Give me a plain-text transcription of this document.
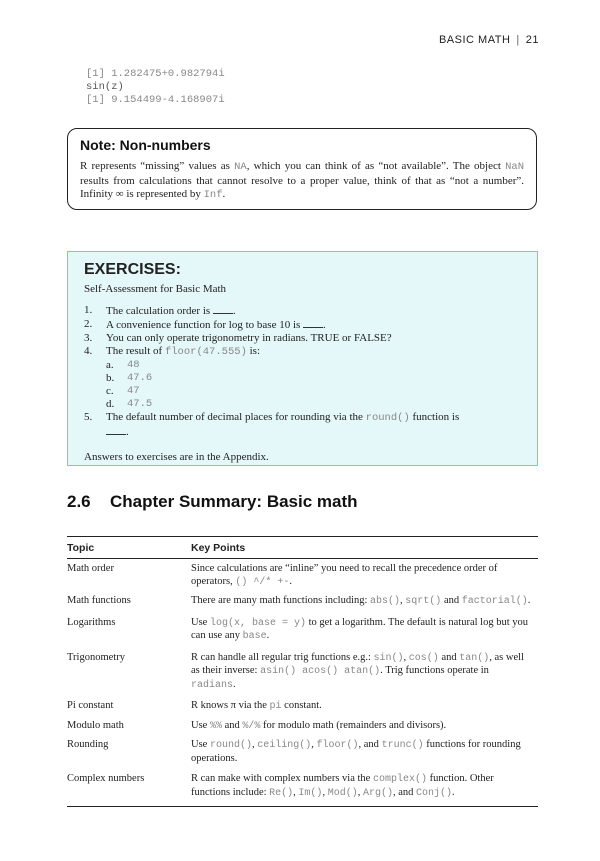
BASIC MATH | 21
[1] 1.282475+0.982794i
sin(z)
[1] 9.154499-4.168907i
Note: Non-numbers
R represents “missing” values as NA, which you can think of as “not available”. The object NaN results from calculations that cannot resolve to a proper value, think of that as “not a number”. Infinity ∞ is represented by Inf.
EXERCISES:
Self-Assessment for Basic Math
1.	The calculation order is .
2.	A convenience function for log to base 10 is .
3.	You can only operate trigonometry in radians. TRUE or FALSE?
4.	The result of floor(47.555) is:
a.	48
b.	47.6
c.	47
d.	47.5
5.	The default number of decimal places for rounding via the round() function is
.
Answers to exercises are in the Appendix.
2.6 Chapter Summary: Basic math
Topic	Key Points
Math order	Since calculations are “inline” you need to recall the precedence order of operators, () ^/* +-.
Math functions	There are many math functions including: abs(), sqrt() and factorial().
Logarithms	Use log(x, base = y) to get a logarithm. The default is natural log but you can use any base.
Trigonometry	R can handle all regular trig functions e.g.: sin(), cos() and tan(), as well as their inverse: asin() acos() atan(). Trig functions operate in radians.
Pi constant	R knows π via the pi constant.
Modulo math	Use %% and %/% for modulo math (remainders and divisors).
Rounding	Use round(), ceiling(), floor(), and trunc() functions for rounding operations.
Complex numbers	R can make with complex numbers via the complex() function. Other functions include: Re(), Im(), Mod(), Arg(), and Conj().
